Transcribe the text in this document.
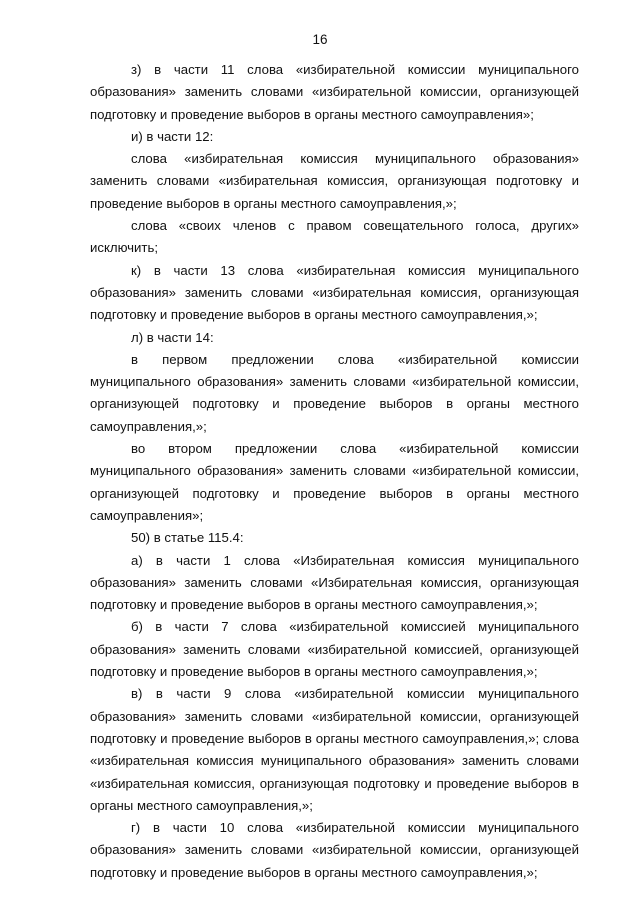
16

з) в части 11 слова «избирательной комиссии муниципального образования» заменить словами «избирательной комиссии, организующей подготовку и проведение выборов в органы местного самоуправления»;

и) в части 12:

слова «избирательная комиссия муниципального образования» заменить словами «избирательная комиссия, организующая подготовку и проведение выборов в органы местного самоуправления,»;

слова «своих членов с правом совещательного голоса, других» исключить;

к) в части 13 слова «избирательная комиссия муниципального образования» заменить словами «избирательная комиссия, организующая подготовку и проведение выборов в органы местного самоуправления,»;

л) в части 14:

в первом предложении слова «избирательной комиссии муниципального образования» заменить словами «избирательной комиссии, организующей подготовку и проведение выборов в органы местного самоуправления,»;

во втором предложении слова «избирательной комиссии муниципального образования» заменить словами «избирательной комиссии, организующей подготовку и проведение выборов в органы местного самоуправления»;

50) в статье 115.4:

а) в части 1 слова «Избирательная комиссия муниципального образования» заменить словами «Избирательная комиссия, организующая подготовку и проведение выборов в органы местного самоуправления,»;

б) в части 7 слова «избирательной комиссией муниципального образования» заменить словами «избирательной комиссией, организующей подготовку и проведение выборов в органы местного самоуправления,»;

в) в части 9 слова «избирательной комиссии муниципального образования» заменить словами «избирательной комиссии, организующей подготовку и проведение выборов в органы местного самоуправления,»; слова «избирательная комиссия муниципального образования» заменить словами «избирательная комиссия, организующая подготовку и проведение выборов в органы местного самоуправления,»;

г) в части 10 слова «избирательной комиссии муниципального образования» заменить словами «избирательной комиссии, организующей подготовку и проведение выборов в органы местного самоуправления,»;
